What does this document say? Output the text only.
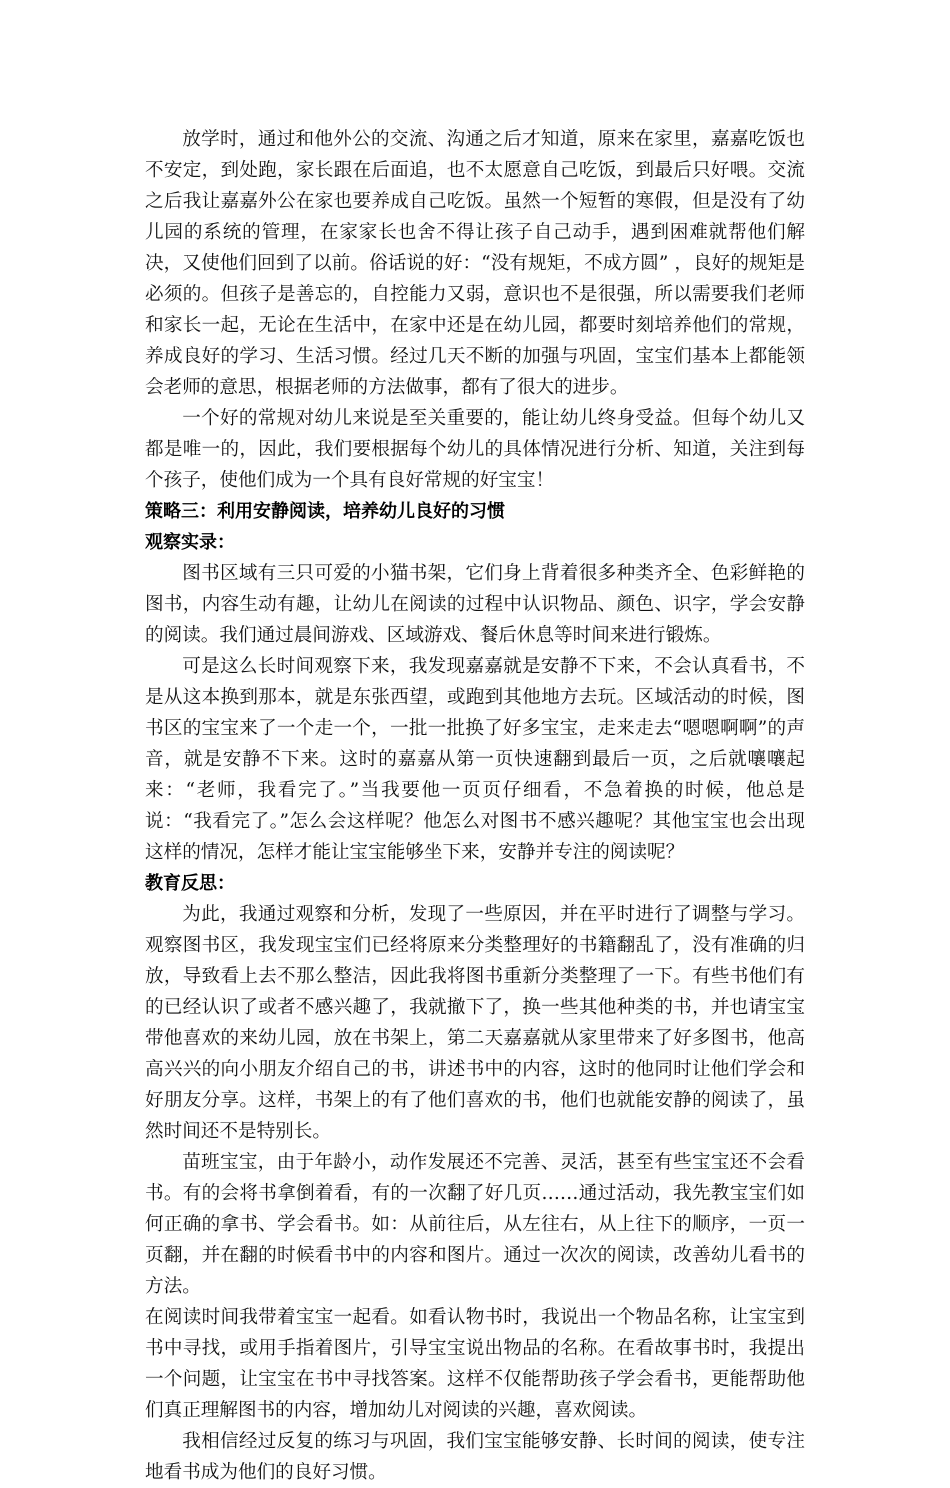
放学时，通过和他外公的交流、沟通之后才知道，原来在家里，嘉嘉吃饭也不安定，到处跑，家长跟在后面追，也不太愿意自己吃饭，到最后只好喂。交流之后我让嘉嘉外公在家也要养成自己吃饭。虽然一个短暂的寒假，但是没有了幼儿园的系统的管理，在家家长也舍不得让孩子自己动手，遇到困难就帮他们解决，又使他们回到了以前。俗话说的好：“没有规矩，不成方圆” ，良好的规矩是必须的。但孩子是善忘的，自控能力又弱，意识也不是很强，所以需要我们老师和家长一起，无论在生活中，在家中还是在幼儿园，都要时刻培养他们的常规，养成良好的学习、生活习惯。经过几天不断的加强与巩固，宝宝们基本上都能领会老师的意思，根据老师的方法做事，都有了很大的进步。

一个好的常规对幼儿来说是至关重要的，能让幼儿终身受益。但每个幼儿又都是唯一的，因此，我们要根据每个幼儿的具体情况进行分析、知道，关注到每个孩子，使他们成为一个具有良好常规的好宝宝！

策略三：利用安静阅读，培养幼儿良好的习惯

观察实录：

图书区域有三只可爱的小猫书架，它们身上背着很多种类齐全、色彩鲜艳的图书，内容生动有趣，让幼儿在阅读的过程中认识物品、颜色、识字，学会安静的阅读。我们通过晨间游戏、区域游戏、餐后休息等时间来进行锻炼。

可是这么长时间观察下来，我发现嘉嘉就是安静不下来，不会认真看书，不是从这本换到那本，就是东张西望，或跑到其他地方去玩。区域活动的时候，图书区的宝宝来了一个走一个，一批一批换了好多宝宝，走来走去“嗯嗯啊啊”的声音，就是安静不下来。这时的嘉嘉从第一页快速翻到最后一页，之后就嚷嚷起来：“老师，我看完了。”当我要他一页页仔细看，不急着换的时候，他总是说：“我看完了。”怎么会这样呢？他怎么对图书不感兴趣呢？其他宝宝也会出现这样的情况，怎样才能让宝宝能够坐下来，安静并专注的阅读呢？

教育反思：

为此，我通过观察和分析，发现了一些原因，并在平时进行了调整与学习。观察图书区，我发现宝宝们已经将原来分类整理好的书籍翻乱了，没有准确的归放，导致看上去不那么整洁，因此我将图书重新分类整理了一下。有些书他们有的已经认识了或者不感兴趣了，我就撤下了，换一些其他种类的书，并也请宝宝带他喜欢的来幼儿园，放在书架上，第二天嘉嘉就从家里带来了好多图书，他高高兴兴的向小朋友介绍自己的书，讲述书中的内容，这时的他同时让他们学会和好朋友分享。这样，书架上的有了他们喜欢的书，他们也就能安静的阅读了，虽然时间还不是特别长。

苗班宝宝，由于年龄小，动作发展还不完善、灵活，甚至有些宝宝还不会看书。有的会将书拿倒着看，有的一次翻了好几页……通过活动，我先教宝宝们如何正确的拿书、学会看书。如：从前往后，从左往右，从上往下的顺序，一页一页翻，并在翻的时候看书中的内容和图片。通过一次次的阅读，改善幼儿看书的方法。

在阅读时间我带着宝宝一起看。如看认物书时，我说出一个物品名称，让宝宝到书中寻找，或用手指着图片，引导宝宝说出物品的名称。在看故事书时，我提出一个问题，让宝宝在书中寻找答案。这样不仅能帮助孩子学会看书，更能帮助他们真正理解图书的内容，增加幼儿对阅读的兴趣，喜欢阅读。

我相信经过反复的练习与巩固，我们宝宝能够安静、长时间的阅读，使专注地看书成为他们的良好习惯。
